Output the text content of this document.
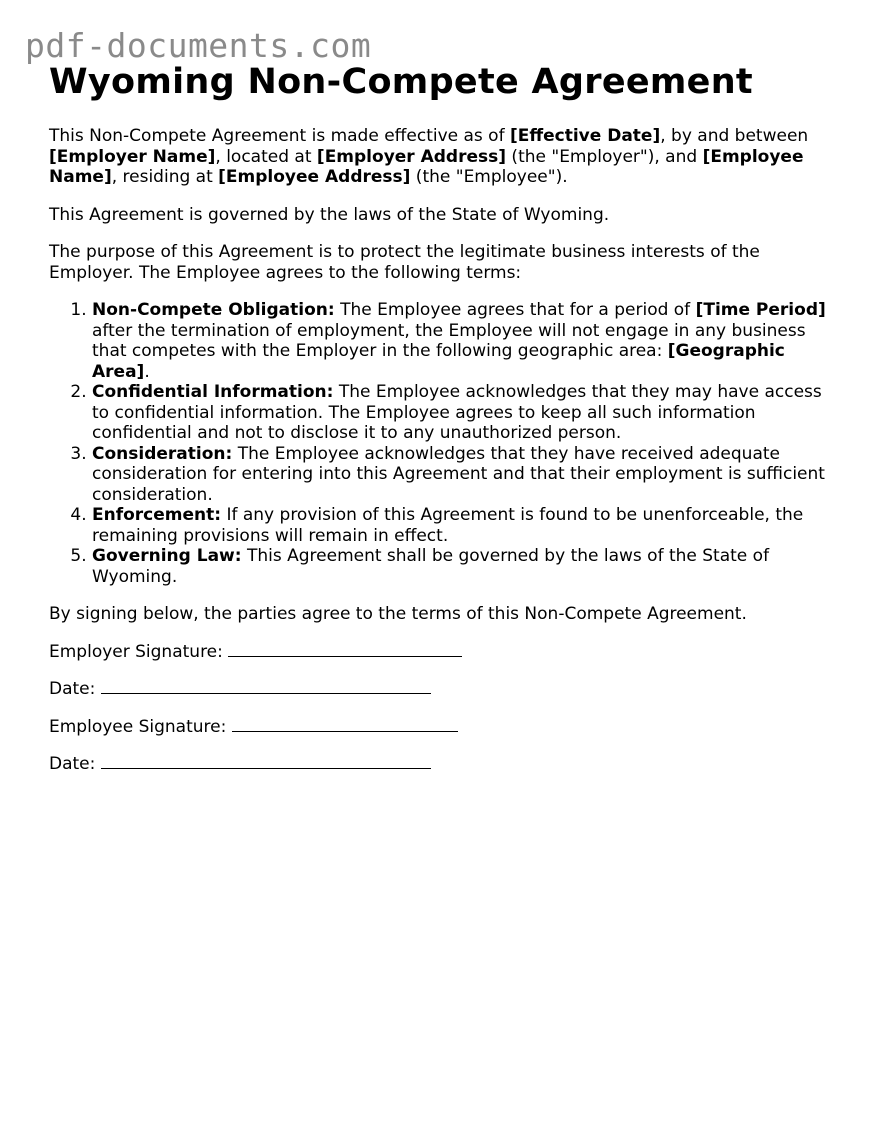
pdf-documents.com
Wyoming Non-Compete Agreement

This Non-Compete Agreement is made effective as of [Effective Date], by and between [Employer Name], located at [Employer Address] (the "Employer"), and [Employee Name], residing at [Employee Address] (the "Employee").

This Agreement is governed by the laws of the State of Wyoming.

The purpose of this Agreement is to protect the legitimate business interests of the Employer. The Employee agrees to the following terms:

1. Non-Compete Obligation: The Employee agrees that for a period of [Time Period] after the termination of employment, the Employee will not engage in any business that competes with the Employer in the following geographic area: [Geographic Area].
2. Confidential Information: The Employee acknowledges that they may have access to confidential information. The Employee agrees to keep all such information confidential and not to disclose it to any unauthorized person.
3. Consideration: The Employee acknowledges that they have received adequate consideration for entering into this Agreement and that their employment is sufficient consideration.
4. Enforcement: If any provision of this Agreement is found to be unenforceable, the remaining provisions will remain in effect.
5. Governing Law: This Agreement shall be governed by the laws of the State of Wyoming.

By signing below, the parties agree to the terms of this Non-Compete Agreement.

Employer Signature:

Date:

Employee Signature:

Date:
